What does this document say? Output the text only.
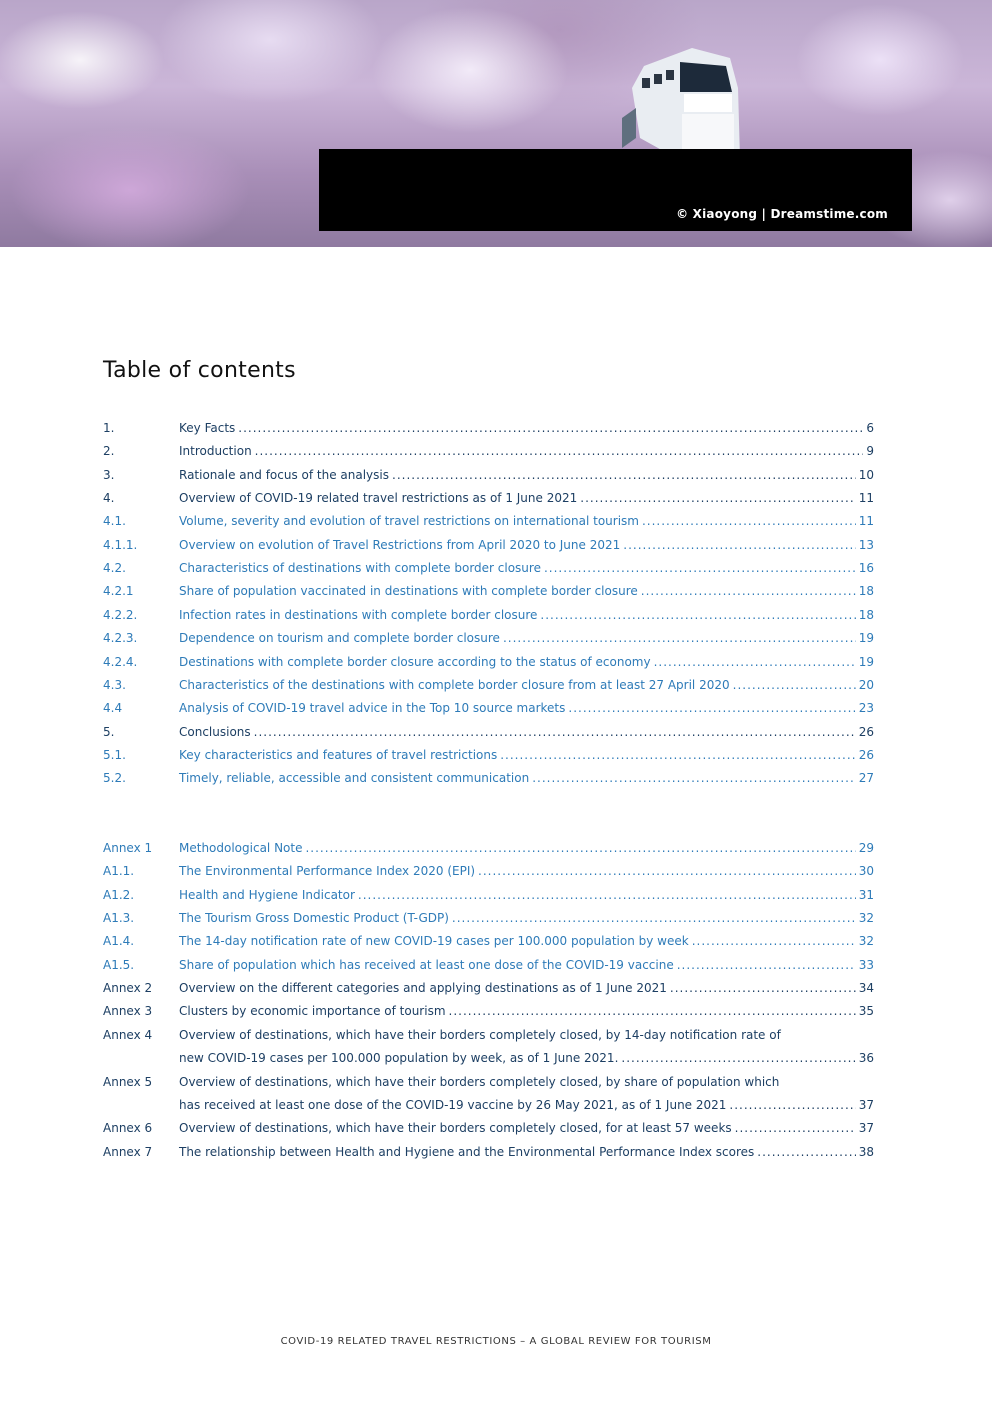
© Xiaoyong | Dreamstime.com
Table of contents
1.	Key Facts .....	6
2.	Introduction .....	9
3.	Rationale and focus of the analysis .....	10
4.	Overview of COVID-19 related travel restrictions as of 1 June 2021 .....	11
4.1.	Volume, severity and evolution of travel restrictions on international tourism .....	11
4.1.1.	Overview on evolution of Travel Restrictions from April 2020 to June 2021 .....	13
4.2.	Characteristics of destinations with complete border closure .....	16
4.2.1	Share of population vaccinated in destinations with complete border closure .....	18
4.2.2.	Infection rates in destinations with complete border closure .....	18
4.2.3.	Dependence on tourism and complete border closure .....	19
4.2.4.	Destinations with complete border closure according to the status of economy .....	19
4.3.	Characteristics of the destinations with complete border closure from at least 27 April 2020 .....	20
4.4	Analysis of COVID-19 travel advice in the Top 10 source markets .....	23
5.	Conclusions .....	26
5.1.	Key characteristics and features of travel restrictions .....	26
5.2.	Timely, reliable, accessible and consistent communication .....	27
Annex 1 Methodological Note .....	29
A1.1.	The Environmental Performance Index 2020 (EPI) .....	30
A1.2.	Health and Hygiene Indicator .....	31
A1.3.	The Tourism Gross Domestic Product (T-GDP) .....	32
A1.4.	The 14-day notification rate of new COVID-19 cases per 100.000 population by week .....	32
A1.5.	Share of population which has received at least one dose of the COVID-19 vaccine .....	33
Annex 2 Overview on the different categories and applying destinations as of 1 June 2021 .....	34
Annex 3 Clusters by economic importance of tourism .....	35
Annex 4 Overview of destinations, which have their borders completely closed, by 14-day notification rate of
new COVID-19 cases per 100.000 population by week, as of 1 June 2021. .....	36
Annex 5 Overview of destinations, which have their borders completely closed, by share of population which
has received at least one dose of the COVID-19 vaccine by 26 May 2021, as of 1 June 2021 .....	37
Annex 6 Overview of destinations, which have their borders completely closed, for at least 57 weeks .....	37
Annex 7 The relationship between Health and Hygiene and the Environmental Performance Index scores .....	38
COVID-19 RELATED TRAVEL RESTRICTIONS – A GLOBAL REVIEW FOR TOURISM
